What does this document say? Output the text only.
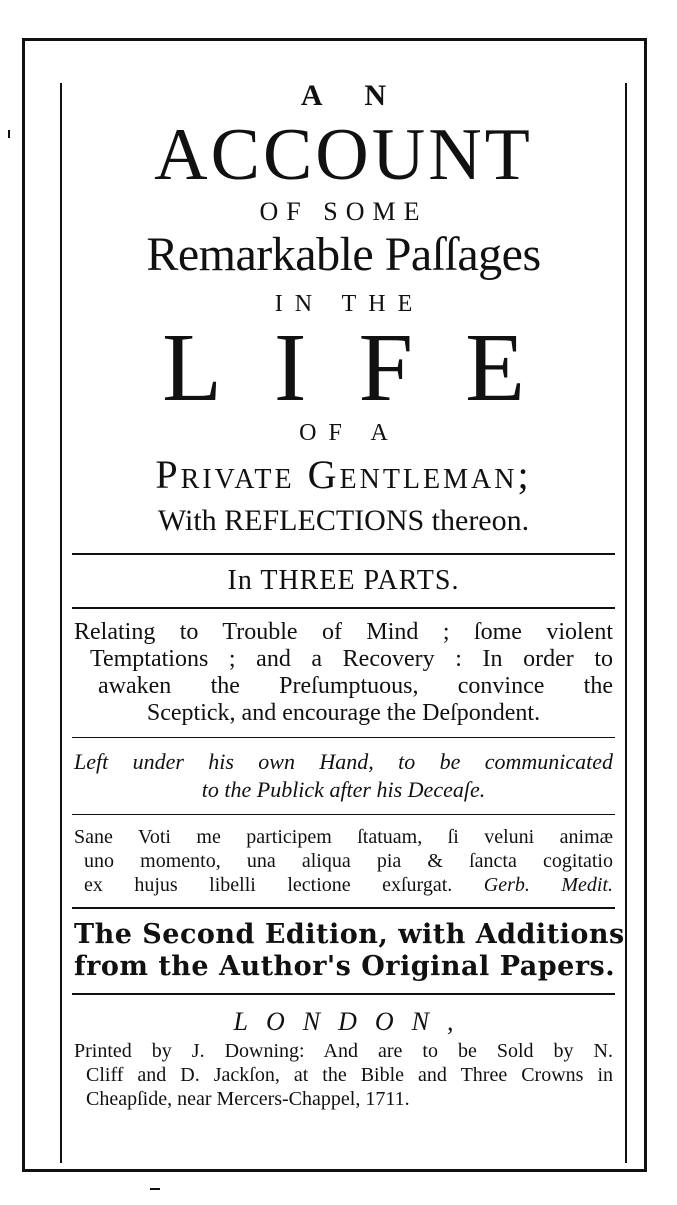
A N
ACCOUNT
OF SOME
Remarkable Paſſages
IN THE
LIFE
OF A
Private Gentleman;
With REFLECTIONS thereon.
In THREE PARTS.
Relating to Trouble of Mind ; ſome violent
Temptations ; and a Recovery : In order to
awaken the Preſumptuous, convince the
Sceptick, and encourage the Deſpondent.
Left under his own Hand, to be communicated
to the Publick after his Deceaſe.
Sane Voti me participem ſtatuam, ſi veluni animæ
uno momento, una aliqua pia & ſancta cogitatio
ex hujus libelli lectione exſurgat. Gerb. Medit.
The Second Edition, with Additions
from the Author's Original Papers.
LONDON,
Printed by J. Downing: And are to be Sold by N.
Cliff and D. Jackſon, at the Bible and Three Crowns in
Cheapſide, near Mercers-Chappel, 1711.
